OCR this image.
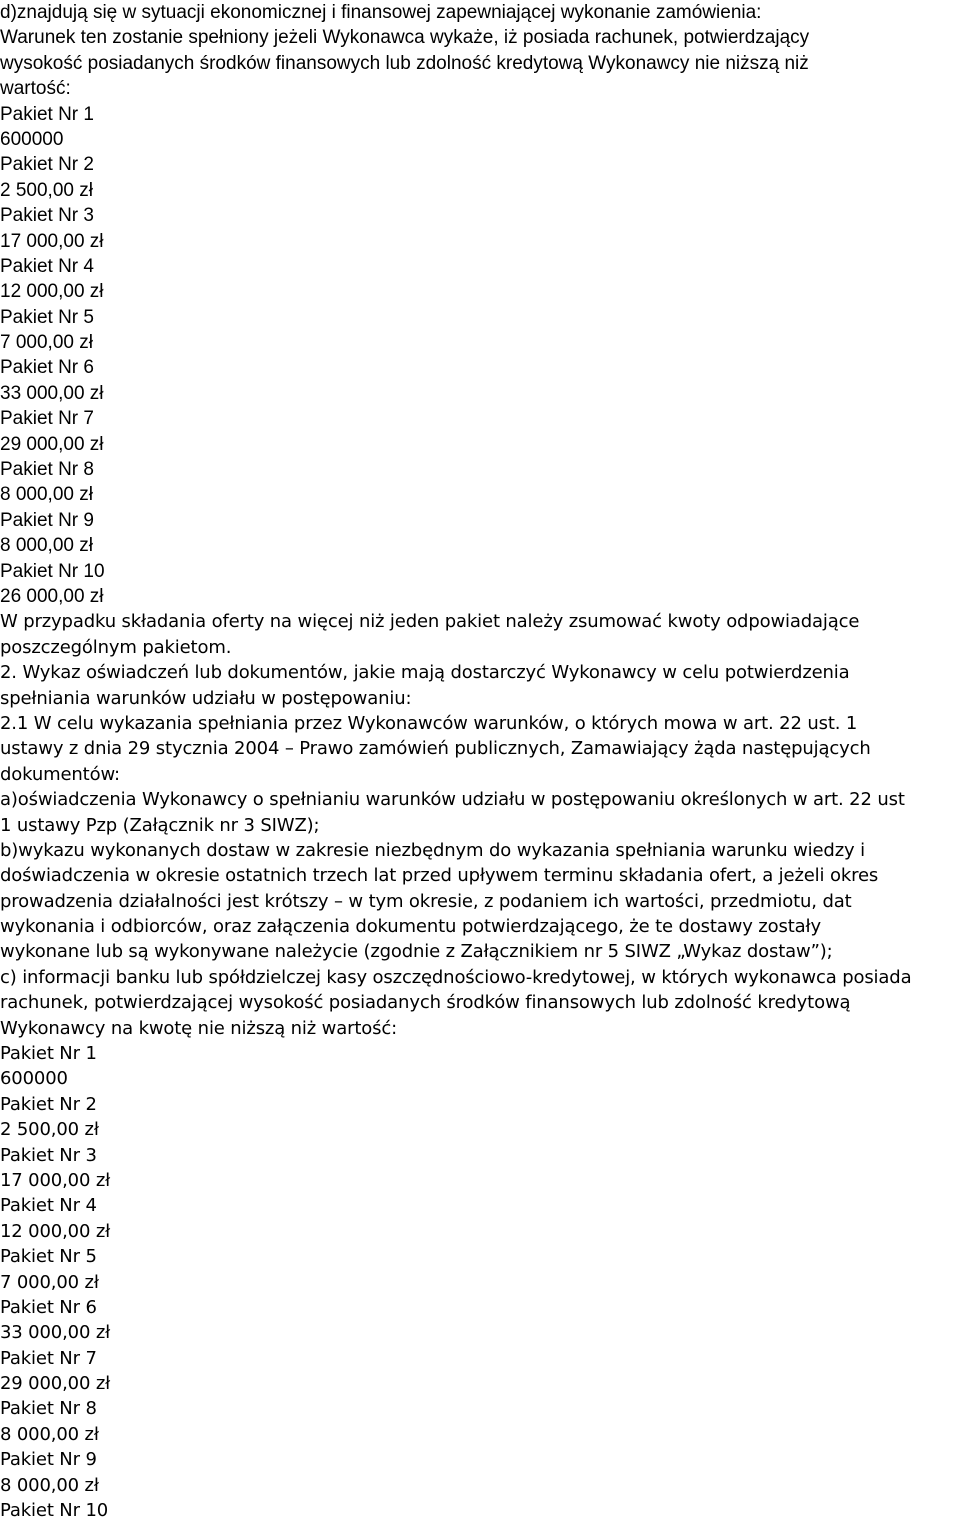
d)znajdują się w sytuacji ekonomicznej i finansowej zapewniającej wykonanie zamówienia:
Warunek ten zostanie spełniony jeżeli Wykonawca wykaże, iż posiada rachunek, potwierdzający
wysokość posiadanych środków finansowych lub zdolność kredytową Wykonawcy nie niższą niż
wartość:
Pakiet Nr 1
600000
Pakiet Nr 2
2 500,00 zł
Pakiet Nr 3
17 000,00 zł
Pakiet Nr 4
12 000,00 zł
Pakiet Nr 5
7 000,00 zł
Pakiet Nr 6
33 000,00 zł
Pakiet Nr 7
29 000,00 zł
Pakiet Nr 8
8 000,00 zł
Pakiet Nr 9
8 000,00 zł
Pakiet Nr 10
26 000,00 zł
W przypadku składania oferty na więcej niż jeden pakiet należy zsumować kwoty odpowiadające
poszczególnym pakietom.
2. Wykaz oświadczeń lub dokumentów, jakie mają dostarczyć Wykonawcy w celu potwierdzenia
spełniania warunków udziału w postępowaniu:
2.1 W celu wykazania spełniania przez Wykonawców warunków, o których mowa w art. 22 ust. 1
ustawy z dnia 29 stycznia 2004 – Prawo zamówień publicznych, Zamawiający żąda następujących
dokumentów:
a)oświadczenia Wykonawcy o spełnianiu warunków udziału w postępowaniu określonych w art. 22 ust
1 ustawy Pzp (Załącznik nr 3 SIWZ);
b)wykazu wykonanych dostaw w zakresie niezbędnym do wykazania spełniania warunku wiedzy i
doświadczenia w okresie ostatnich trzech lat przed upływem terminu składania ofert, a jeżeli okres
prowadzenia działalności jest krótszy – w tym okresie, z podaniem ich wartości, przedmiotu, dat
wykonania i odbiorców, oraz załączenia dokumentu potwierdzającego, że te dostawy zostały
wykonane lub są wykonywane należycie (zgodnie z Załącznikiem nr 5 SIWZ „Wykaz dostaw”);
c) informacji banku lub spółdzielczej kasy oszczędnościowo-kredytowej, w których wykonawca posiada
rachunek, potwierdzającej wysokość posiadanych środków finansowych lub zdolność kredytową
Wykonawcy na kwotę nie niższą niż wartość:
Pakiet Nr 1
600000
Pakiet Nr 2
2 500,00 zł
Pakiet Nr 3
17 000,00 zł
Pakiet Nr 4
12 000,00 zł
Pakiet Nr 5
7 000,00 zł
Pakiet Nr 6
33 000,00 zł
Pakiet Nr 7
29 000,00 zł
Pakiet Nr 8
8 000,00 zł
Pakiet Nr 9
8 000,00 zł
Pakiet Nr 10
